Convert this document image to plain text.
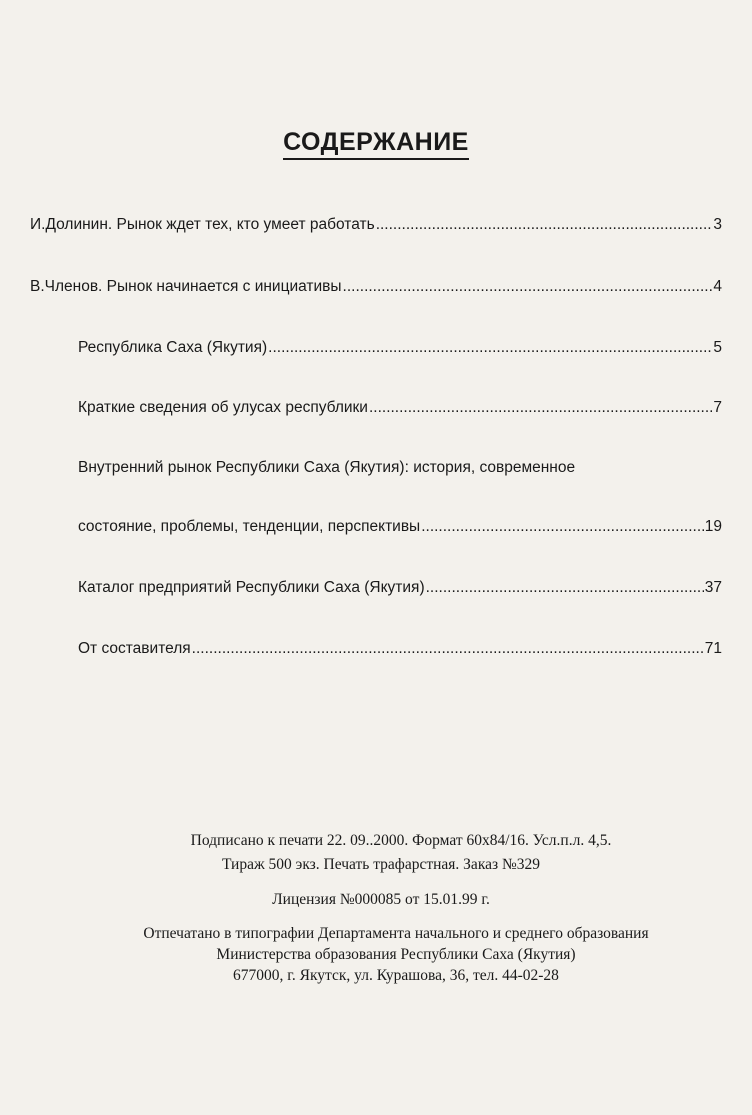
СОДЕРЖАНИЕ
И.Долинин. Рынок ждет тех, кто умеет работать .....	3
В.Членов. Рынок начинается с инициативы .....	4
Республика Саха (Якутия) .....	5
Краткие сведения об улусах республики .....	7
Внутренний рынок Республики Саха (Якутия): история, современное
состояние, проблемы, тенденции, перспективы .....	19
Каталог предприятий Республики Саха (Якутия) .....	37
От составителя .....	71
Подписано к печати 22. 09..2000. Формат 60х84/16. Усл.п.л. 4,5.
Тираж 500 экз. Печать трафарстная. Заказ №329
Лицензия №000085 от 15.01.99 г.
Отпечатано в типографии Департамента начального и среднего образования
Министерства образования Республики Саха (Якутия)
677000, г. Якутск, ул. Курашова, 36, тел. 44-02-28
